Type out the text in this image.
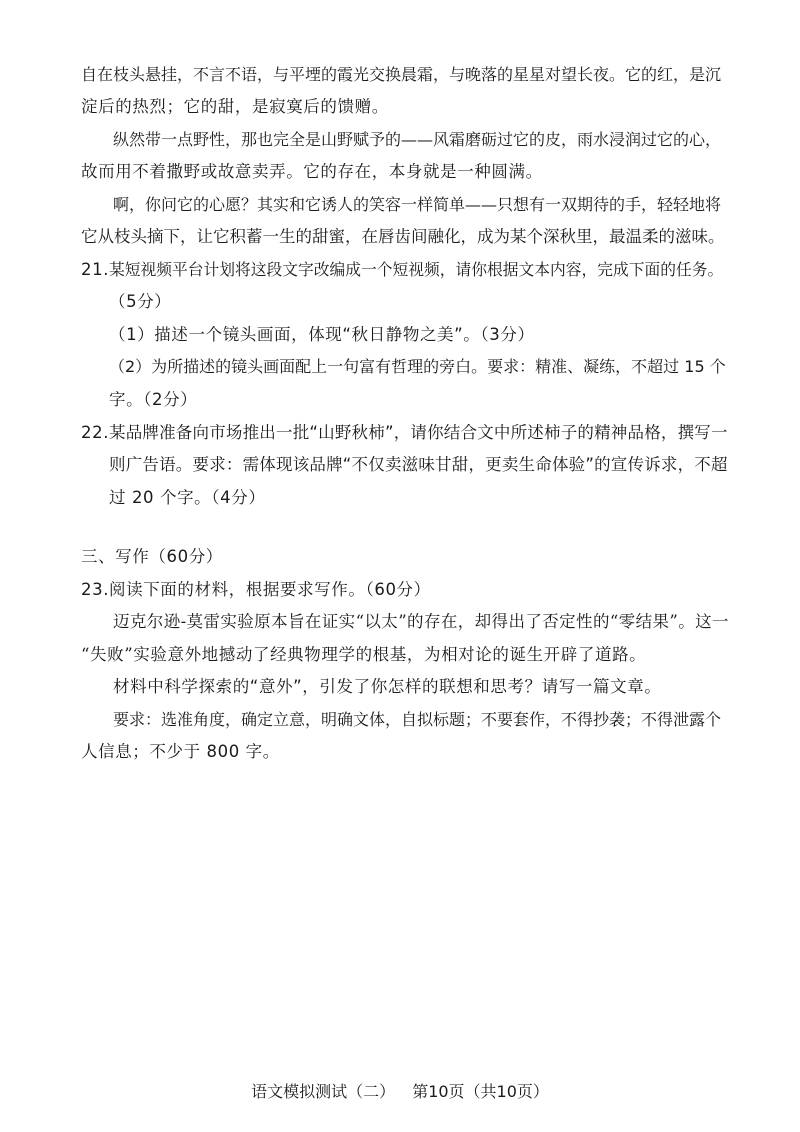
自在枝头悬挂，不言不语，与平堙的霞光交换晨霜，与晚落的星星对望长夜。它的红，是沉
淀后的热烈；它的甜，是寂寞后的馈赠。
纵然带一点野性，那也完全是山野赋予的——风霜磨砺过它的皮，雨水浸润过它的心，
故而用不着撒野或故意卖弄。它的存在，本身就是一种圆满。
啊，你问它的心愿？其实和它诱人的笑容一样简单——只想有一双期待的手，轻轻地将
它从枝头摘下，让它积蓄一生的甜蜜，在唇齿间融化，成为某个深秋里，最温柔的滋味。
21. 某短视频平台计划将这段文字改编成一个短视频，请你根据文本内容，完成下面的任务。
（5分）
（1）描述一个镜头画面，体现“秋日静物之美”。（3分）
（2）为所描述的镜头画面配上一句富有哲理的旁白。要求：精准、凝练，不超过 15 个
字。（2分）
22. 某品牌准备向市场推出一批“山野秋柿”，请你结合文中所述柿子的精神品格，撰写一
则广告语。要求：需体现该品牌“不仅卖滋味甘甜，更卖生命体验”的宣传诉求，不超
过 20 个字。（4分）
三、写作（60分）
23. 阅读下面的材料，根据要求写作。（60分）
迈克尔逊-莫雷实验原本旨在证实“以太”的存在，却得出了否定性的“零结果”。这一
“失败”实验意外地撼动了经典物理学的根基，为相对论的诞生开辟了道路。
材料中科学探索的“意外”，引发了你怎样的联想和思考？请写一篇文章。
要求：选准角度，确定立意，明确文体，自拟标题；不要套作，不得抄袭；不得泄露个
人信息；不少于 800 字。
语文模拟测试（二） 第10页（共10页）
